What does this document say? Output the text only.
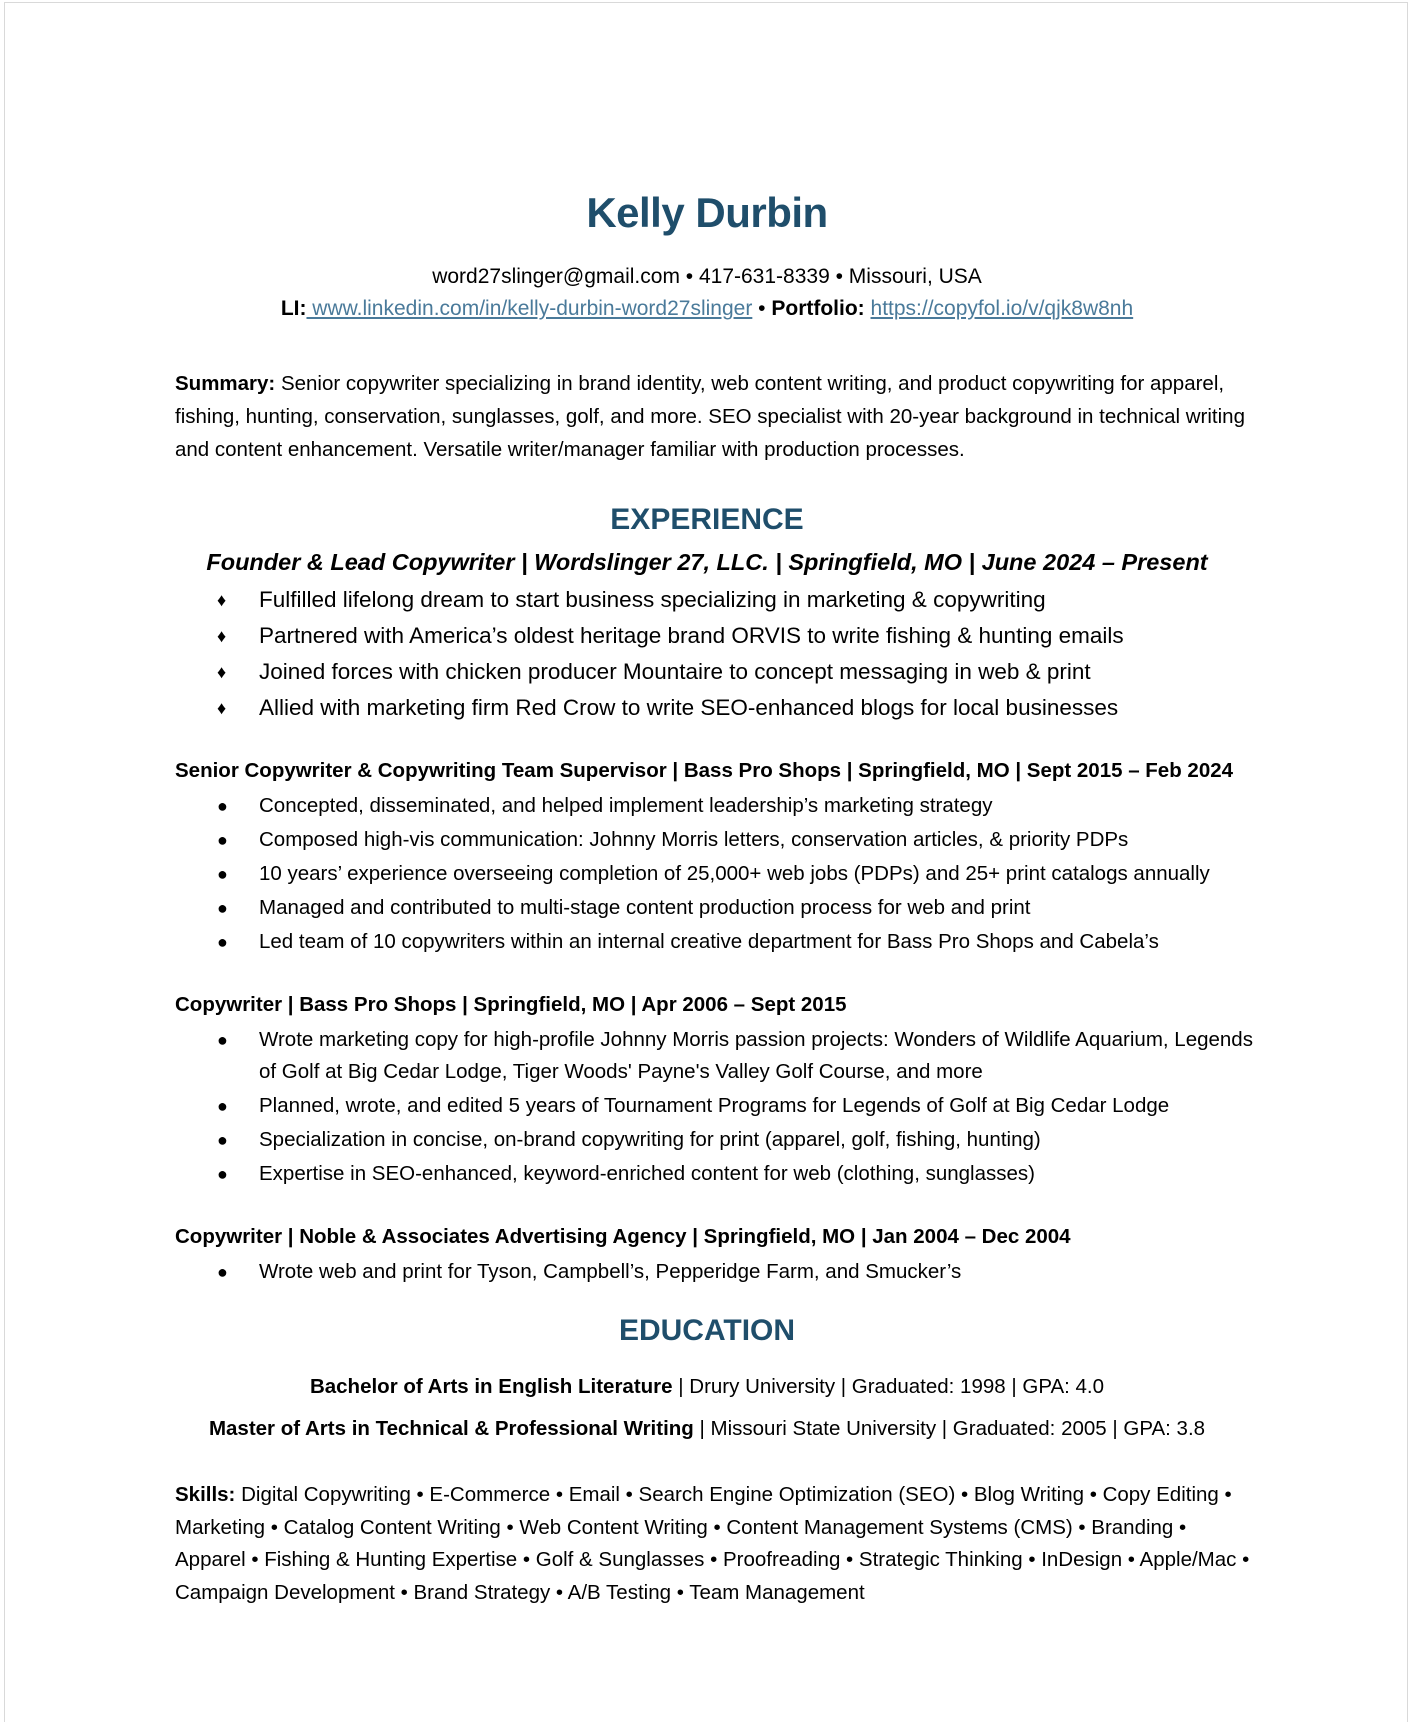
Kelly Durbin
word27slinger@gmail.com • 417-631-8339 • Missouri, USA
LI: www.linkedin.com/in/kelly-durbin-word27slinger • Portfolio: https://copyfol.io/v/qjk8w8nh
Summary: Senior copywriter specializing in brand identity, web content writing, and product copywriting for apparel, fishing, hunting, conservation, sunglasses, golf, and more. SEO specialist with 20-year background in technical writing and content enhancement. Versatile writer/manager familiar with production processes.
EXPERIENCE
Founder & Lead Copywriter | Wordslinger 27, LLC. | Springfield, MO | June 2024 – Present
♦ Fulfilled lifelong dream to start business specializing in marketing & copywriting
♦ Partnered with America’s oldest heritage brand ORVIS to write fishing & hunting emails
♦ Joined forces with chicken producer Mountaire to concept messaging in web & print
♦ Allied with marketing firm Red Crow to write SEO-enhanced blogs for local businesses
Senior Copywriter & Copywriting Team Supervisor | Bass Pro Shops | Springfield, MO | Sept 2015 – Feb 2024
● Concepted, disseminated, and helped implement leadership’s marketing strategy
● Composed high-vis communication: Johnny Morris letters, conservation articles, & priority PDPs
● 10 years’ experience overseeing completion of 25,000+ web jobs (PDPs) and 25+ print catalogs annually
● Managed and contributed to multi-stage content production process for web and print
● Led team of 10 copywriters within an internal creative department for Bass Pro Shops and Cabela’s
Copywriter | Bass Pro Shops | Springfield, MO | Apr 2006 – Sept 2015
● Wrote marketing copy for high-profile Johnny Morris passion projects: Wonders of Wildlife Aquarium, Legends of Golf at Big Cedar Lodge, Tiger Woods' Payne's Valley Golf Course, and more
● Planned, wrote, and edited 5 years of Tournament Programs for Legends of Golf at Big Cedar Lodge
● Specialization in concise, on-brand copywriting for print (apparel, golf, fishing, hunting)
● Expertise in SEO-enhanced, keyword-enriched content for web (clothing, sunglasses)
Copywriter | Noble & Associates Advertising Agency | Springfield, MO | Jan 2004 – Dec 2004
● Wrote web and print for Tyson, Campbell’s, Pepperidge Farm, and Smucker’s
EDUCATION
Bachelor of Arts in English Literature | Drury University | Graduated: 1998 | GPA: 4.0
Master of Arts in Technical & Professional Writing | Missouri State University | Graduated: 2005 | GPA: 3.8
Skills: Digital Copywriting • E-Commerce • Email • Search Engine Optimization (SEO) • Blog Writing • Copy Editing • Marketing • Catalog Content Writing • Web Content Writing • Content Management Systems (CMS) • Branding • Apparel • Fishing & Hunting Expertise • Golf & Sunglasses • Proofreading • Strategic Thinking • InDesign • Apple/Mac • Campaign Development • Brand Strategy • A/B Testing • Team Management
